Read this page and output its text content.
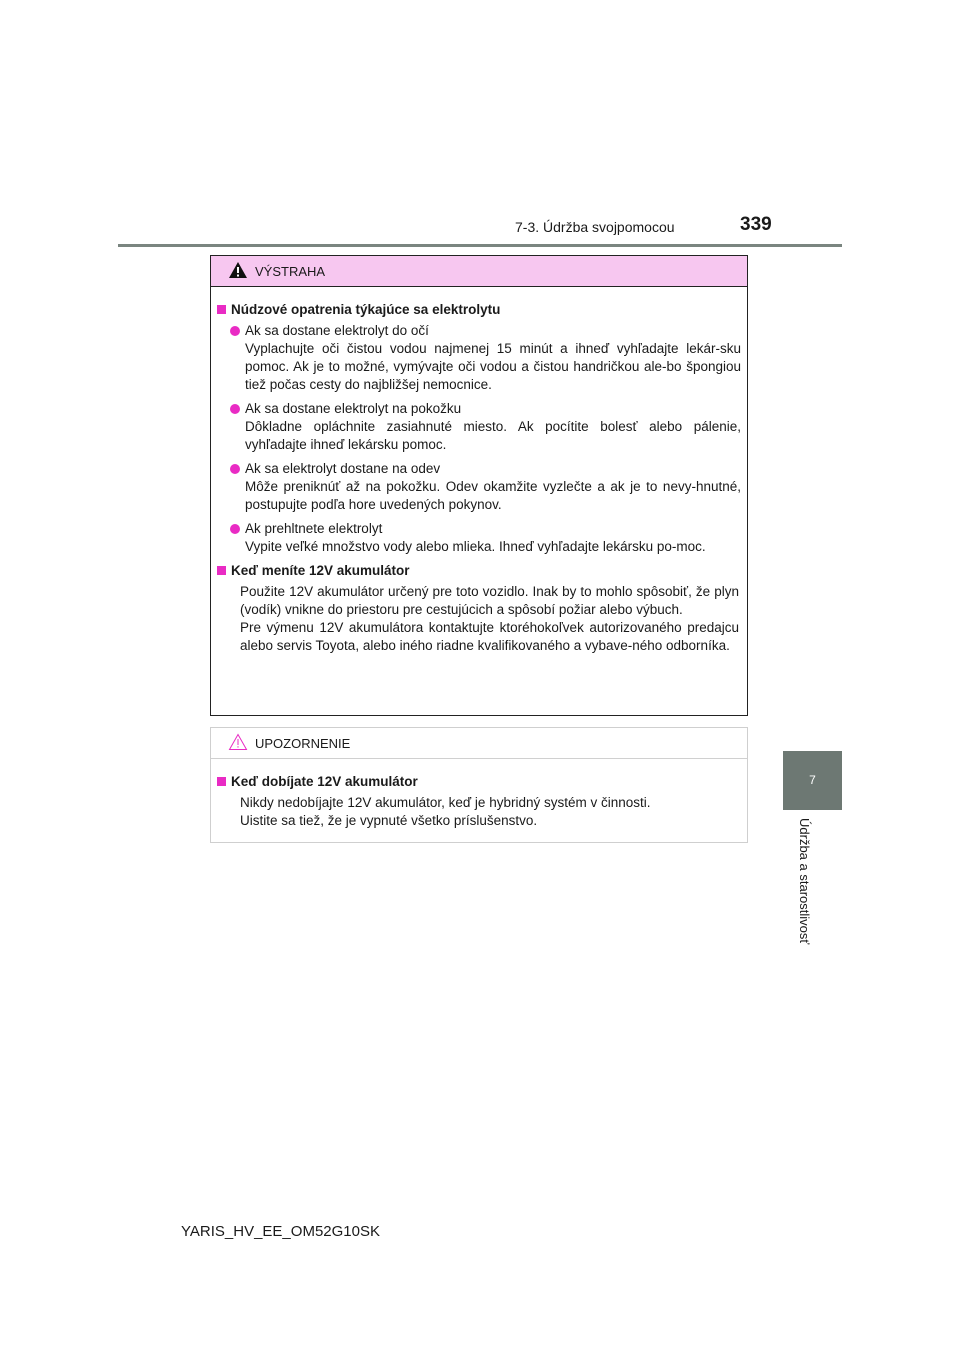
7-3. Údržba svojpomocou	339
7
Údržba a starostlivosť
VÝSTRAHA
Núdzové opatrenia týkajúce sa elektrolytu
Ak sa dostane elektrolyt do očí
Vyplachujte oči čistou vodou najmenej 15 minút a ihneď vyhľadajte lekár-sku pomoc. Ak je to možné, vymývajte oči vodou a čistou handričkou ale-bo špongiou tiež počas cesty do najbližšej nemocnice.
Ak sa dostane elektrolyt na pokožku
Dôkladne opláchnite zasiahnuté miesto. Ak pocítite bolesť alebo pálenie, vyhľadajte ihneď lekársku pomoc.
Ak sa elektrolyt dostane na odev
Môže preniknúť až na pokožku. Odev okamžite vyzlečte a ak je to nevy-hnutné, postupujte podľa hore uvedených pokynov.
Ak prehltnete elektrolyt
Vypite veľké množstvo vody alebo mlieka. Ihneď vyhľadajte lekársku po-moc.
Keď meníte 12V akumulátor
Použite 12V akumulátor určený pre toto vozidlo. Inak by to mohlo spôsobiť, že plyn (vodík) vnikne do priestoru pre cestujúcich a spôsobí požiar alebo výbuch.
Pre výmenu 12V akumulátora kontaktujte ktoréhokoľvek autorizovaného predajcu alebo servis Toyota, alebo iného riadne kvalifikovaného a vybave-ného odborníka.
UPOZORNENIE
Keď dobíjate 12V akumulátor
Nikdy nedobíjajte 12V akumulátor, keď je hybridný systém v činnosti.
Uistite sa tiež, že je vypnuté všetko príslušenstvo.
YARIS_HV_EE_OM52G10SK
